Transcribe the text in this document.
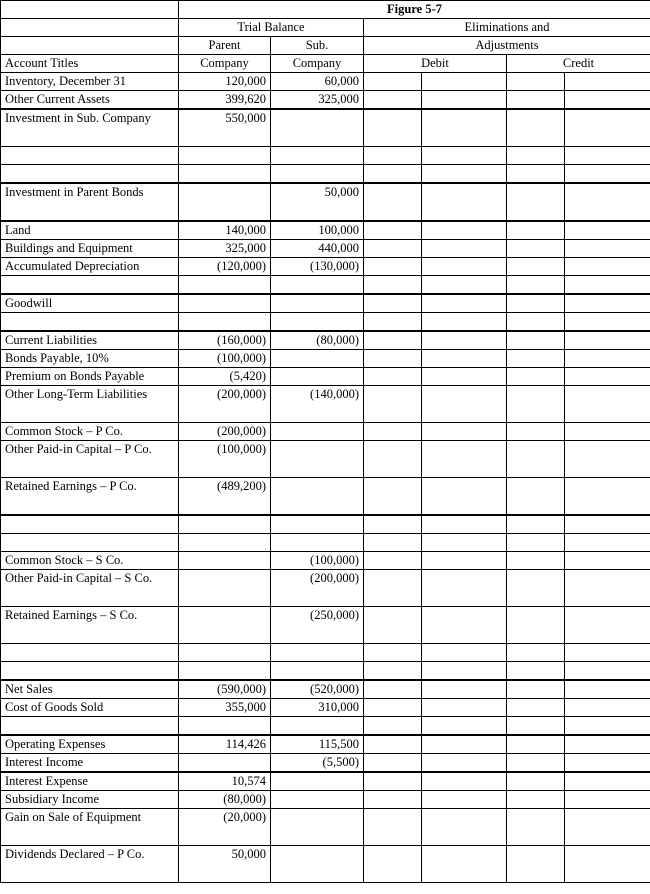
	Figure 5-7					
	Trial Balance		Eliminations and			
	Parent	Sub.	Adjustments			
Account Titles	Company	Company	Debit		Credit	
Inventory, December 31	120,000	60,000				
Other Current Assets	399,620	325,000				
Investment in Sub. Company	550,000					

Investment in Parent Bonds		50,000				
Land	140,000	100,000				
Buildings and Equipment	325,000	440,000				
Accumulated Depreciation	(120,000)	(130,000)				

Goodwill						

Current Liabilities	(160,000)	(80,000)				
Bonds Payable, 10%	(100,000)					
Premium on Bonds Payable	(5,420)					
Other Long-Term Liabilities	(200,000)	(140,000)				
Common Stock – P Co.	(200,000)					
Other Paid-in Capital – P Co.	(100,000)					
Retained Earnings – P Co.	(489,200)					

Common Stock – S Co.		(100,000)				
Other Paid-in Capital – S Co.		(200,000)				
Retained Earnings – S Co.		(250,000)				

Net Sales	(590,000)	(520,000)				
Cost of Goods Sold	355,000	310,000				

Operating Expenses	114,426	115,500				
Interest Income		(5,500)				
Interest Expense	10,574					
Subsidiary Income	(80,000)					
Gain on Sale of Equipment	(20,000)					
Dividends Declared – P Co.	50,000					
